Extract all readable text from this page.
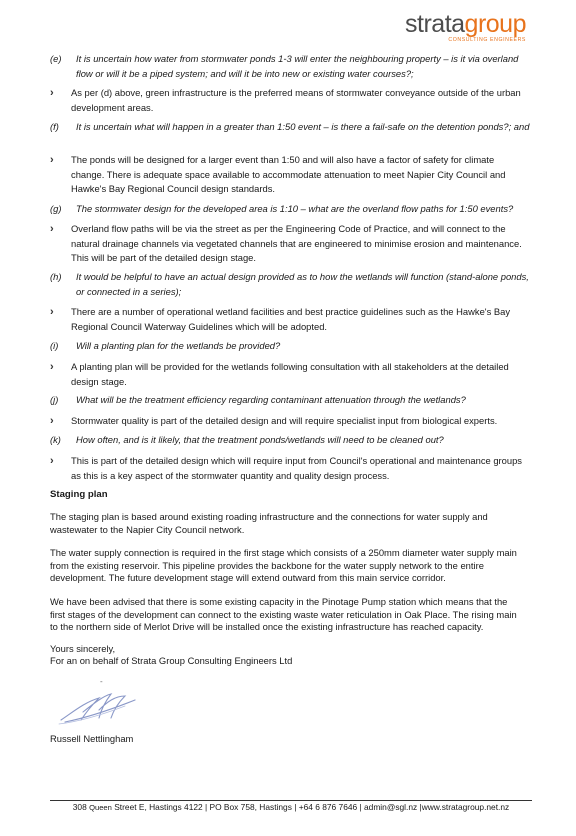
stratagroup
CONSULTING ENGINEERS
(e) It is uncertain how water from stormwater ponds 1-3 will enter the neighbouring property – is it via overland flow or will it be a piped system; and will it be into new or existing water courses?;
› As per (d) above, green infrastructure is the preferred means of stormwater conveyance outside of the urban development areas.
(f) It is uncertain what will happen in a greater than 1:50 event – is there a fail-safe on the detention ponds?; and
› The ponds will be designed for a larger event than 1:50 and will also have a factor of safety for climate change. There is adequate space available to accommodate attenuation to meet Napier City Council and Hawke's Bay Regional Council design standards.
(g) The stormwater design for the developed area is 1:10 – what are the overland flow paths for 1:50 events?
› Overland flow paths will be via the street as per the Engineering Code of Practice, and will connect to the natural drainage channels via vegetated channels that are engineered to minimise erosion and maintenance. This will be part of the detailed design stage.
(h) It would be helpful to have an actual design provided as to how the wetlands will function (stand-alone ponds, or connected in a series);
› There are a number of operational wetland facilities and best practice guidelines such as the Hawke's Bay Regional Council Waterway Guidelines which will be adopted.
(i) Will a planting plan for the wetlands be provided?
› A planting plan will be provided for the wetlands following consultation with all stakeholders at the detailed design stage.
(j) What will be the treatment efficiency regarding contaminant attenuation through the wetlands?
› Stormwater quality is part of the detailed design and will require specialist input from biological experts.
(k) How often, and is it likely, that the treatment ponds/wetlands will need to be cleaned out?
› This is part of the detailed design which will require input from Council's operational and maintenance groups as this is a key aspect of the stormwater quantity and quality design process.
Staging plan
The staging plan is based around existing roading infrastructure and the connections for water supply and wastewater to the Napier City Council network.
The water supply connection is required in the first stage which consists of a 250mm diameter water supply main from the existing reservoir. This pipeline provides the backbone for the water supply network to the entire development. The future development stage will extend outward from this main service corridor.
We have been advised that there is some existing capacity in the Pinotage Pump station which means that the first stages of the development can connect to the existing waste water reticulation in Oak Place. The rising main to the northern side of Merlot Drive will be installed once the existing infrastructure has reached capacity.
Yours sincerely,
For an on behalf of Strata Group Consulting Engineers Ltd
-
Russell Nettlingham
308 Queen Street E, Hastings 4122 | PO Box 758, Hastings | +64 6 876 7646 | admin@sgl.nz |www.stratagroup.net.nz
